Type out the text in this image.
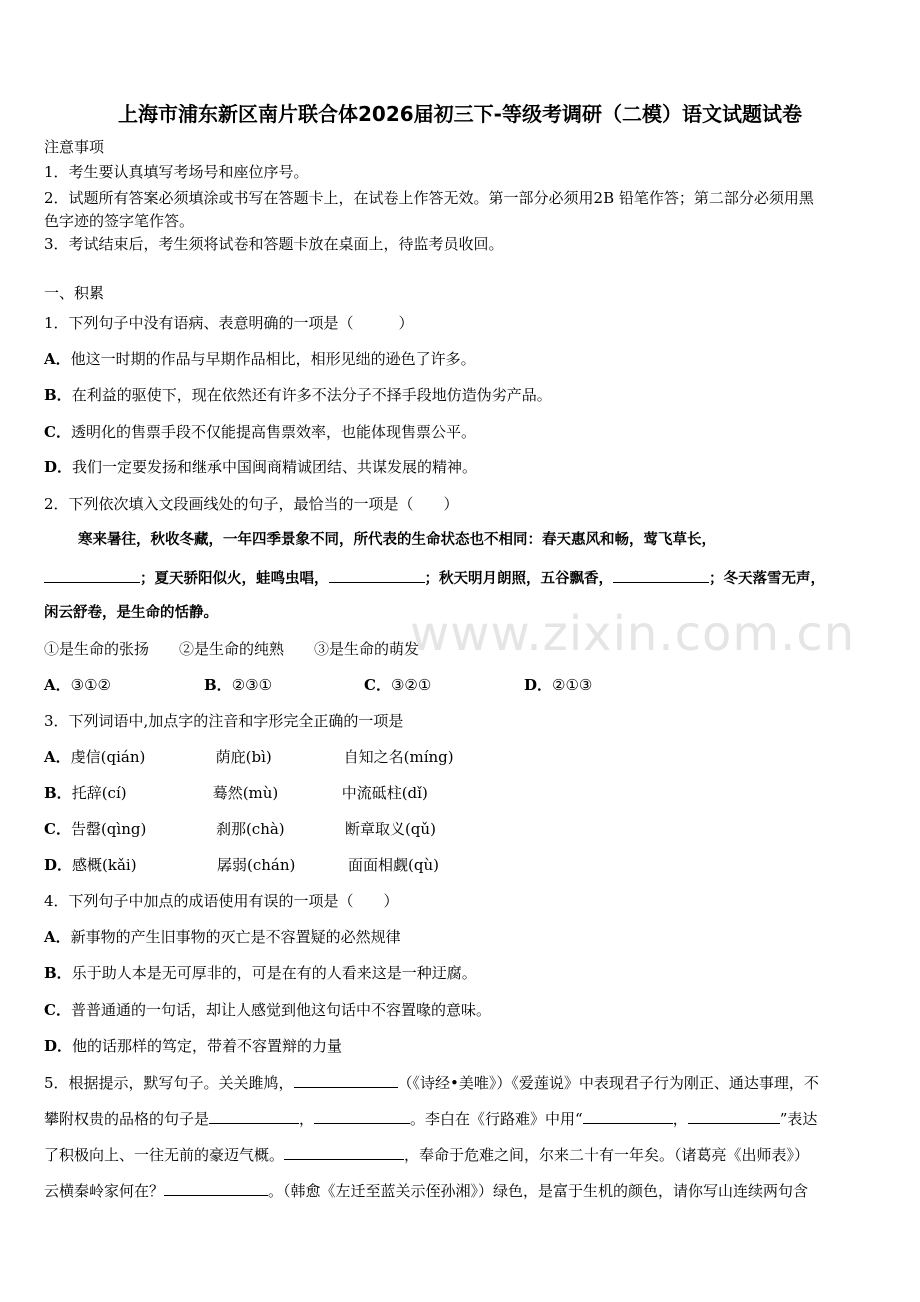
www.zixin.com.cn
上海市浦东新区南片联合体2026届初三下-等级考调研（二模）语文试题试卷
注意事项
1．考生要认真填写考场号和座位序号。
2．试题所有答案必须填涂或书写在答题卡上，在试卷上作答无效。第一部分必须用2B 铅笔作答；第二部分必须用黑
色字迹的签字笔作答。
3．考试结束后，考生须将试卷和答题卡放在桌面上，待监考员收回。
一、积累
1．下列句子中没有语病、表意明确的一项是（　　　）
A．他这一时期的作品与早期作品相比，相形见绌的逊色了许多。
B．在利益的驱使下，现在依然还有许多不法分子不择手段地仿造伪劣产品。
C．透明化的售票手段不仅能提高售票效率，也能体现售票公平。
D．我们一定要发扬和继承中国闽商精诚团结、共谋发展的精神。
2．下列依次填入文段画线处的句子，最恰当的一项是（　　）
寒来暑往，秋收冬藏，一年四季景象不同，所代表的生命状态也不相同：春天惠风和畅，莺飞草长，
；夏天骄阳似火，蛙鸣虫唱，	；秋天明月朗照，五谷飘香，	；冬天落雪无声，
闲云舒卷，是生命的恬静。
①是生命的张扬　　②是生命的纯熟　　③是生命的萌发
A．③①②	B．②③①	C．③②①	D．②①③
3．下列词语中,加点字的注音和字形完全正确的一项是
A．虔信(qián)	荫庇(bì)	自知之名(míng)
B．托辞(cí)	蓦然(mù)	中流砥柱(dǐ)
C．告罄(qìng)	刹那(chà)	断章取义(qǔ)
D．感概(kǎi)	孱弱(chán)	面面相觑(qù)
4．下列句子中加点的成语使用有误的一项是（　　）
A．新事物的产生旧事物的灭亡是不容置疑的必然规律
B．乐于助人本是无可厚非的，可是在有的人看来这是一种迂腐。
C．普普通通的一句话，却让人感觉到他这句话中不容置喙的意味。
D．他的话那样的笃定，带着不容置辩的力量
5．根据提示，默写句子。关关雎鸠，	（《诗经•美唯》）《爱莲说》中表现君子行为刚正、通达事理，不
攀附权贵的品格的句子是	，	。李白在《行路难》中用“	，	”表达
了积极向上、一往无前的豪迈气概。	，奉命于危难之间，尔来二十有一年矣。（诸葛亮《出师表》）
云横秦岭家何在？	。（韩愈《左迁至蓝关示侄孙湘》）绿色，是富于生机的颜色，请你写山连续两句含
